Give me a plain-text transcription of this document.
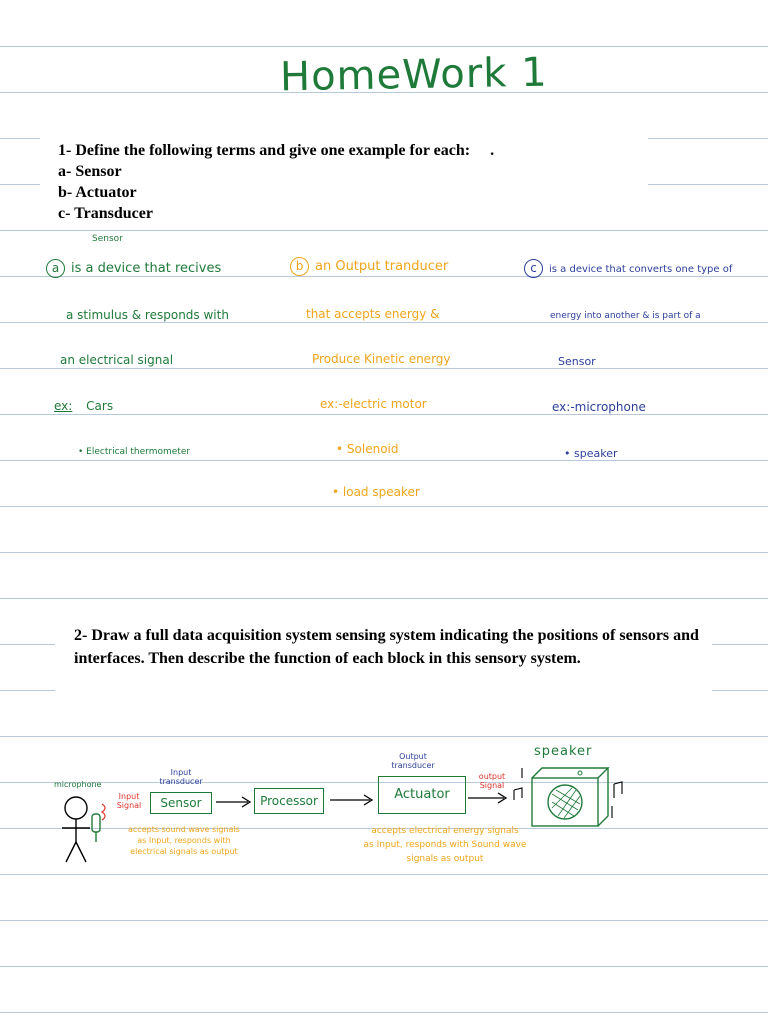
HomeWork 1
1- Define the following terms and give one example for each: .
a- Sensor
b- Actuator
c- Transducer
Sensor
a is a device that recives
a stimulus & responds with
an electrical signal
ex: Cars
• Electrical thermometer
b an Output tranducer
that accepts energy &
Produce Kinetic energy
ex:-electric motor
• Solenoid
• load speaker
c is a device that converts one type of
energy into another & is part of a
Sensor
ex:-microphone
• speaker
2- Draw a full data acquisition system sensing system indicating the positions of sensors and interfaces. Then describe the function of each block in this sensory system.
microphone
Input Signal
Input transducer
Sensor	Processor
Output transducer
Actuator
output Signal
speaker
accepts sound wave signals
as Input, responds with
electrical signals as output
accepts electrical energy signals
as Input, responds with Sound wave
signals as output
